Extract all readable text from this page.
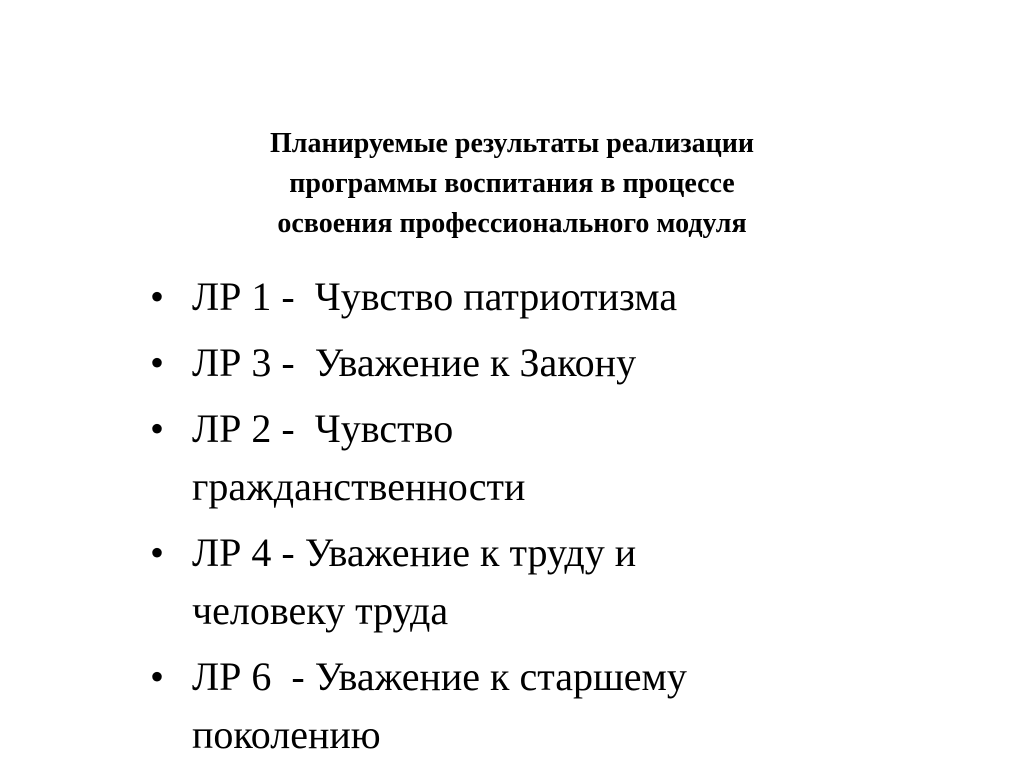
Планируемые результаты реализации
программы воспитания в процессе
освоения профессионального модуля
• ЛР 1 -  Чувство патриотизма
• ЛР 3 -  Уважение к Закону
• ЛР 2 -  Чувство
гражданственности
• ЛР 4 - Уважение к труду и
человеку труда
• ЛР 6  - Уважение к старшему
поколению
